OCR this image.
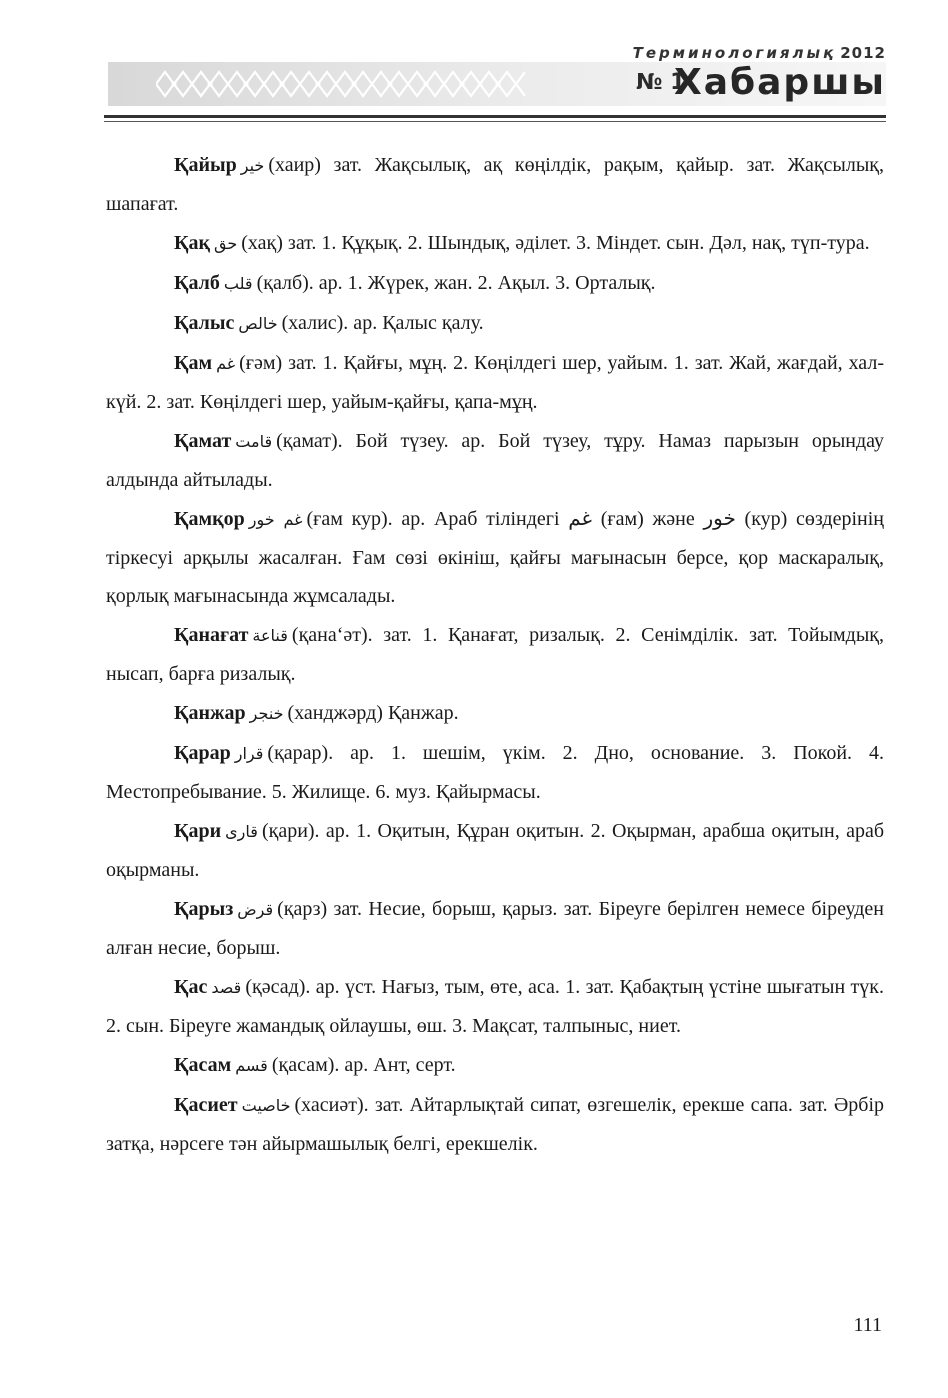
Терминологиялық 2012
№ 1
Хабаршы

Қайыр خير (хаир) зат. Жақсылық, ақ көңілдік, рақым, қайыр. зат. Жақсылық, шапағат.

Қақ حق (хақ) зат. 1. Құқық. 2. Шындық, әділет. 3. Міндет. сын. Дәл, нақ, түп-тура.

Қалб قلب (қалб). ар. 1. Жүрек, жан. 2. Ақыл. 3. Орталық.

Қалыс خالص (халис). ар. Қалыс қалу.

Қам غم (ғәм) зат. 1. Қайғы, мұң. 2. Көңілдегі шер, уайым. 1. зат. Жай, жағдай, хал-күй. 2. зат. Көңілдегі шер, уайым-қайғы, қапа-мұң.

Қамат قامت (қамат). Бой түзеу. ар. Бой түзеу, тұру. Намаз парызын орындау алдында айтылады.

Қамқор غم خور (ғам кур). ар. Араб тіліндегі غم (ғам) және خور (кур) сөздерінің тіркесуі арқылы жасалған. Ғам сөзі өкініш, қайғы мағынасын берсе, қор маскаралық, қорлық мағынасында жұмсалады.

Қанағат قناعة (қана‘әт). зат. 1. Қанағат, ризалық. 2. Сенімділік. зат. Тойымдық, нысап, барға ризалық.

Қанжар خنجر (ханджәрд) Қанжар.

Қарар قرار (қарар). ар. 1. шешім, үкім. 2. Дно, основание. 3. Покой. 4. Местопребывание. 5. Жилище. 6. муз. Қайырмасы.

Қари قارى (қари). ар. 1. Оқитын, Құран оқитын. 2. Оқырман, арабша оқитын, араб оқырманы.

Қарыз قرض (қарз) зат. Несие, борыш, қарыз. зат. Біреуге берілген немесе біреуден алған несие, борыш.

Қас قصد (қәсад). ар. үст. Нағыз, тым, өте, аса. 1. зат. Қабақтың үстіне шығатын түк. 2. сын. Біреуге жамандық ойлаушы, өш. 3. Мақсат, талпыныс, ниет.

Қасам قسم (қасам). ар. Ант, серт.

Қасиет خاصيت (хасиәт). зат. Айтарлықтай сипат, өзгешелік, ерекше сапа. зат. Әрбір затқа, нәрсеге тән айырмашылық белгі, ерекшелік.

111
